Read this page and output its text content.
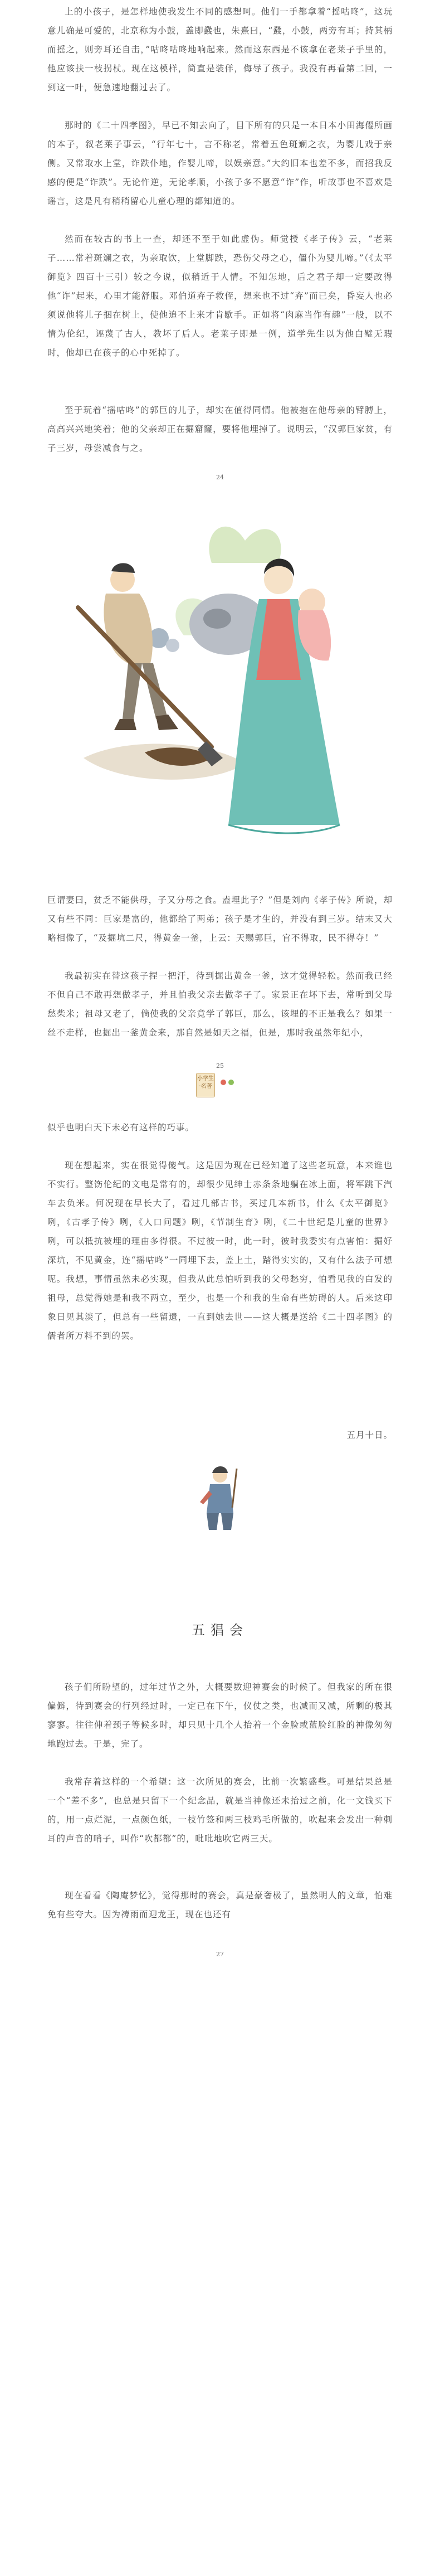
上的小孩子，是怎样地使我发生不同的感想呵。他们一手都拿着“摇咕咚”，这玩意儿确是可爱的，北京称为小鼓，盖即鼗也，朱熹曰，“鼗，小鼓，两旁有耳；持其柄而摇之，则旁耳还自击，”咕咚咕咚地响起来。然而这东西是不该拿在老莱子手里的，他应该扶一枝拐杖。现在这模样，简直是装佯，侮辱了孩子。我没有再看第二回，一到这一叶，便急速地翻过去了。

那时的《二十四孝图》，早已不知去向了，目下所有的只是一本日本小田海僊所画的本子，叙老莱子事云，“行年七十，言不称老，常着五色斑斓之衣，为婴儿戏于亲侧。又常取水上堂，诈跌仆地，作婴儿啼，以娱亲意。”大约旧本也差不多，而招我反感的便是“诈跌”。无论忤逆，无论孝顺，小孩子多不愿意“诈”作，听故事也不喜欢是谣言，这是凡有稍稍留心儿童心理的都知道的。

然而在较古的书上一查，却还不至于如此虚伪。师觉授《孝子传》云，“老莱子……常着斑斓之衣，为亲取饮，上堂脚跌，恐伤父母之心，僵仆为婴儿啼。”（《太平御览》四百十三引）较之今说，似稍近于人情。不知怎地，后之君子却一定要改得他“诈”起来，心里才能舒服。邓伯道弃子救侄，想来也不过“弃”而已矣，昏妄人也必须说他将儿子捆在树上，使他追不上来才肯歇手。正如将“肉麻当作有趣”一般，以不情为伦纪，诬蔑了古人，教坏了后人。老莱子即是一例，道学先生以为他白璧无瑕时，他却已在孩子的心中死掉了。

至于玩着“摇咕咚”的郭巨的儿子，却实在值得同情。他被抱在他母亲的臂膊上，高高兴兴地笑着；他的父亲却正在掘窟窿，要将他埋掉了。说明云，“汉郭巨家贫，有子三岁，母尝减食与之。

24

巨谓妻曰，贫乏不能供母，子又分母之食。盍埋此子？”但是刘向《孝子传》所说，却又有些不同：巨家是富的，他都给了两弟；孩子是才生的，并没有到三岁。结末又大略相像了，“及掘坑二尺，得黄金一釜，上云：天赐郭巨，官不得取，民不得夺！”

我最初实在替这孩子捏一把汗，待到掘出黄金一釜，这才觉得轻松。然而我已经不但自己不敢再想做孝子，并且怕我父亲去做孝子了。家景正在坏下去，常听到父母愁柴米；祖母又老了，倘使我的父亲竟学了郭巨，那么，该埋的不正是我么？如果一丝不走样，也掘出一釜黄金来，那自然是如天之福，但是，那时我虽然年纪小，

25
小学生·名著

似乎也明白天下未必有这样的巧事。

现在想起来，实在很觉得傻气。这是因为现在已经知道了这些老玩意，本来谁也不实行。整饬伦纪的文电是常有的，却很少见绅士赤条条地躺在冰上面，将军跳下汽车去负米。何况现在早长大了，看过几部古书，买过几本新书，什么《太平御览》咧，《古孝子传》咧，《人口问题》咧，《节制生育》咧，《二十世纪是儿童的世界》咧，可以抵抗被埋的理由多得很。不过彼一时，此一时，彼时我委实有点害怕：掘好深坑，不见黄金，连“摇咕咚”一同埋下去，盖上土，踏得实实的，又有什么法子可想呢。我想，事情虽然未必实现，但我从此总怕听到我的父母愁穷，怕看见我的白发的祖母，总觉得她是和我不两立，至少，也是一个和我的生命有些妨碍的人。后来这印象日见其淡了，但总有一些留遗，一直到她去世——这大概是送给《二十四孝图》的儒者所万料不到的罢。

五月十日。
五猖会

孩子们所盼望的，过年过节之外，大概要数迎神赛会的时候了。但我家的所在很偏僻，待到赛会的行列经过时，一定已在下午，仪仗之类，也减而又减，所剩的极其寥寥。往往伸着颈子等候多时，却只见十几个人抬着一个金脸或蓝脸红脸的神像匆匆地跑过去。于是，完了。

我常存着这样的一个希望：这一次所见的赛会，比前一次繁盛些。可是结果总是一个“差不多”，也总是只留下一个纪念品，就是当神像还未抬过之前，化一文钱买下的，用一点烂泥，一点颜色纸，一枝竹签和两三枝鸡毛所做的，吹起来会发出一种刺耳的声音的哨子，叫作“吹都都”的，吡吡地吹它两三天。

现在看看《陶庵梦忆》，觉得那时的赛会，真是豪奢极了，虽然明人的文章，怕难免有些夸大。因为祷雨而迎龙王，现在也还有

27
